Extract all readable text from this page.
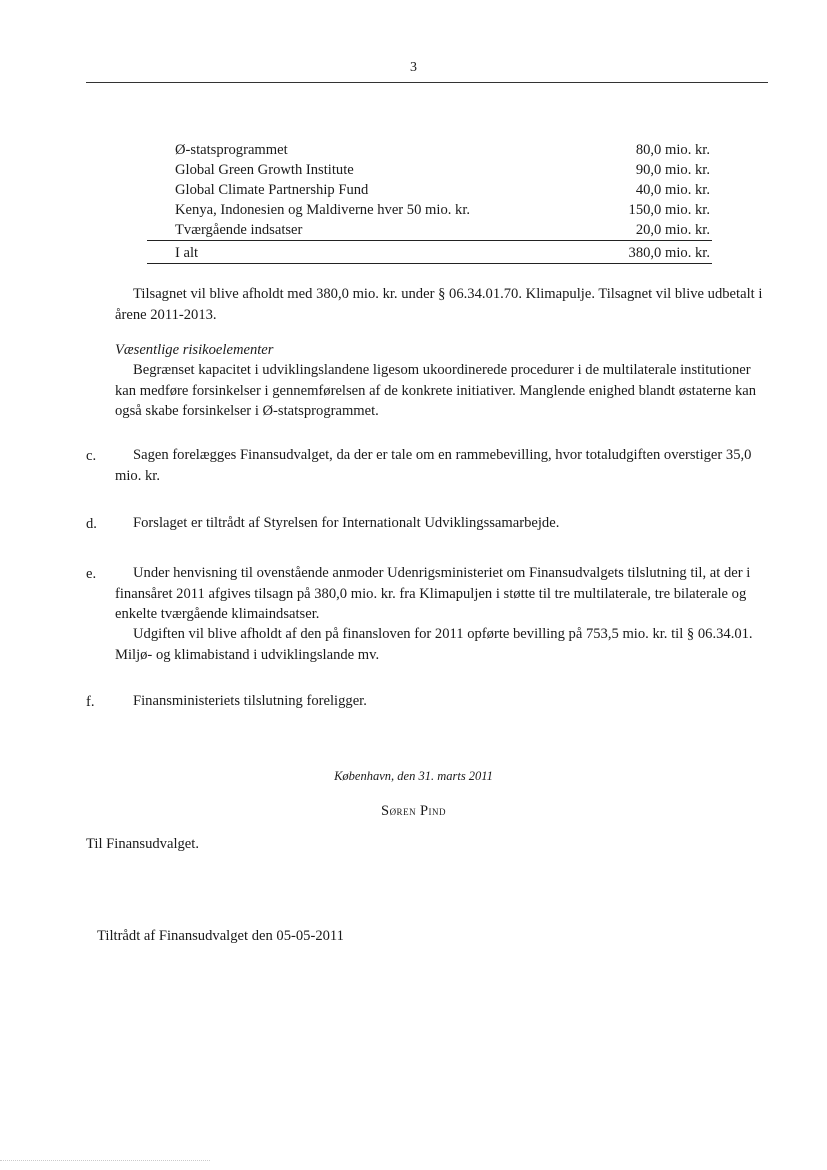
3
Ø-statsprogrammet	80,0 mio. kr.
Global Green Growth Institute	90,0 mio. kr.
Global Climate Partnership Fund	40,0 mio. kr.
Kenya, Indonesien og Maldiverne hver 50 mio. kr.	150,0 mio. kr.
Tværgående indsatser	20,0 mio. kr.
I alt	380,0 mio. kr.
Tilsagnet vil blive afholdt med 380,0 mio. kr. under § 06.34.01.70. Klimapulje. Tilsagnet vil blive udbetalt i årene 2011-2013.
Væsentlige risikoelementer
Begrænset kapacitet i udviklingslandene ligesom ukoordinerede procedurer i de multilaterale institutioner kan medføre forsinkelser i gennemførelsen af de konkrete initiativer. Manglende enighed blandt østaterne kan også skabe forsinkelser i Ø-statsprogrammet.
c.	Sagen forelægges Finansudvalget, da der er tale om en rammebevilling, hvor totaludgiften overstiger 35,0 mio. kr.
d.	Forslaget er tiltrådt af Styrelsen for Internationalt Udviklingssamarbejde.
e.	Under henvisning til ovenstående anmoder Udenrigsministeriet om Finansudvalgets tilslutning til, at der i finansåret 2011 afgives tilsagn på 380,0 mio. kr. fra Klimapuljen i støtte til tre multilaterale, tre bilaterale og enkelte tværgående klimaindsatser.
Udgiften vil blive afholdt af den på finansloven for 2011 opførte bevilling på 753,5 mio. kr. til § 06.34.01. Miljø- og klimabistand i udviklingslande mv.
f.	Finansministeriets tilslutning foreligger.
København, den 31. marts 2011
Søren Pind
Til Finansudvalget.
Tiltrådt af Finansudvalget den 05-05-2011
